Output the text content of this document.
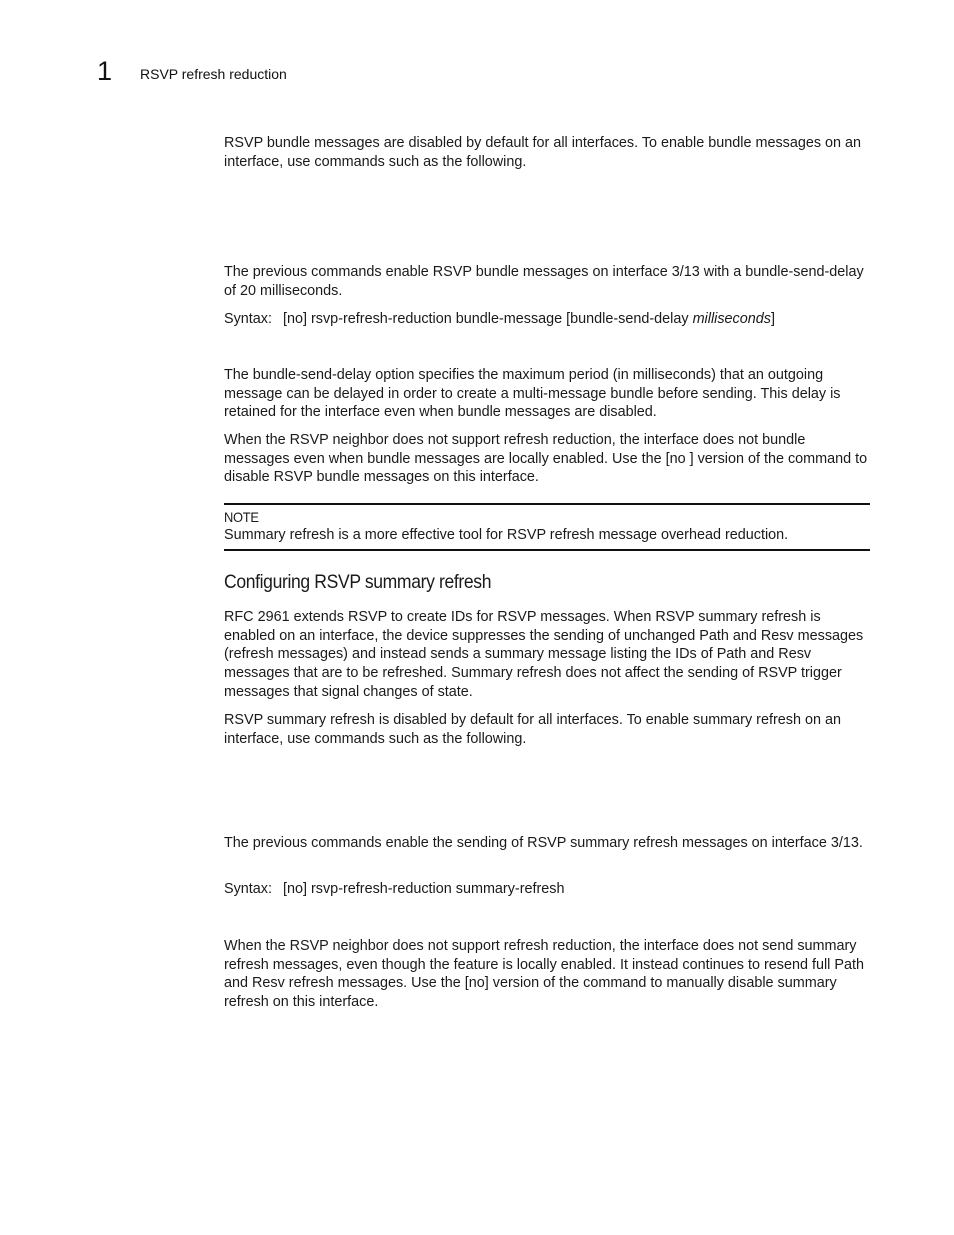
1 RSVP refresh reduction

RSVP bundle messages are disabled by default for all interfaces. To enable bundle messages on an interface, use commands such as the following.

The previous commands enable RSVP bundle messages on interface 3/13 with a bundle-send-delay of 20 milliseconds.

Syntax: [no] rsvp-refresh-reduction bundle-message [bundle-send-delay milliseconds]

The bundle-send-delay option specifies the maximum period (in milliseconds) that an outgoing message can be delayed in order to create a multi-message bundle before sending. This delay is retained for the interface even when bundle messages are disabled.

When the RSVP neighbor does not support refresh reduction, the interface does not bundle messages even when bundle messages are locally enabled. Use the [no ] version of the command to disable RSVP bundle messages on this interface.

NOTE
Summary refresh is a more effective tool for RSVP refresh message overhead reduction.
Configuring RSVP summary refresh

RFC 2961 extends RSVP to create IDs for RSVP messages. When RSVP summary refresh is enabled on an interface, the device suppresses the sending of unchanged Path and Resv messages (refresh messages) and instead sends a summary message listing the IDs of Path and Resv messages that are to be refreshed. Summary refresh does not affect the sending of RSVP trigger messages that signal changes of state.

RSVP summary refresh is disabled by default for all interfaces. To enable summary refresh on an interface, use commands such as the following.

The previous commands enable the sending of RSVP summary refresh messages on interface 3/13.

Syntax: [no] rsvp-refresh-reduction summary-refresh

When the RSVP neighbor does not support refresh reduction, the interface does not send summary refresh messages, even though the feature is locally enabled. It instead continues to resend full Path and Resv refresh messages. Use the [no] version of the command to manually disable summary refresh on this interface.
